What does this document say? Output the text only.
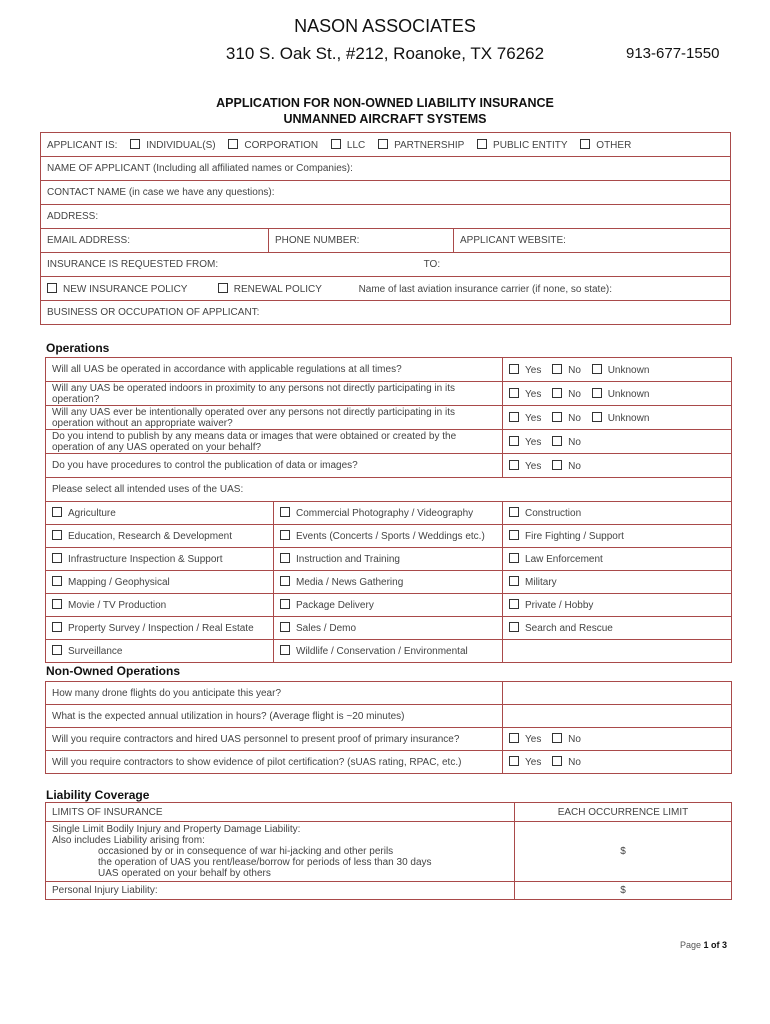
NASON ASSOCIATES
310 S. Oak St., #212, Roanoke, TX 76262	913-677-1550
APPLICATION FOR NON-OWNED LIABILITY INSURANCE
UNMANNED AIRCRAFT SYSTEMS
APPLICANT IS:	INDIVIDUAL(S)	CORPORATION	LLC	PARTNERSHIP	PUBLIC ENTITY	OTHER
NAME OF APPLICANT (Including all affiliated names or Companies):
CONTACT NAME (in case we have any questions):
ADDRESS:
EMAIL ADDRESS:	PHONE NUMBER:	APPLICANT WEBSITE:
INSURANCE IS REQUESTED FROM:	TO:
NEW INSURANCE POLICY	RENEWAL POLICY	Name of last aviation insurance carrier (if none, so state):
BUSINESS OR OCCUPATION OF APPLICANT:
Operations
Will all UAS be operated in accordance with applicable regulations at all times?		Yes No Unknown
Will any UAS be operated indoors in proximity to any persons not directly participating in its operation?		Yes No Unknown
Will any UAS ever be intentionally operated over any persons not directly participating in its operation without an appropriate waiver?		Yes No Unknown
Do you intend to publish by any means data or images that were obtained or created by the operation of any UAS operated on your behalf?		Yes No
Do you have procedures to control the publication of data or images?		Yes No
Please select all intended uses of the UAS:		
Agriculture	Commercial Photography / Videography	Construction
Education, Research & Development	Events (Concerts / Sports / Weddings etc.)	Fire Fighting / Support
Infrastructure Inspection & Support	Instruction and Training	Law Enforcement
Mapping / Geophysical	Media / News Gathering	Military
Movie / TV Production	Package Delivery	Private / Hobby
Property Survey / Inspection / Real Estate	Sales / Demo	Search and Rescue
Surveillance	Wildlife / Conservation / Environmental	
Non-Owned Operations
How many drone flights do you anticipate this year?	
What is the expected annual utilization in hours? (Average flight is ~20 minutes)	
Will you require contractors and hired UAS personnel to present proof of primary insurance?	Yes No
Will you require contractors to show evidence of pilot certification? (sUAS rating, RPAC, etc.)	Yes No
Liability Coverage
LIMITS OF INSURANCE	EACH OCCURRENCE LIMIT

Single Limit Bodily Injury and Property Damage Liability:
Also includes Liability arising from:
occasioned by or in consequence of war hi-jacking and other perils
the operation of UAS you rent/lease/borrow for periods of less than 30 days
UAS operated on your behalf by others	$
Personal Injury Liability:	$
Page 1 of 3
